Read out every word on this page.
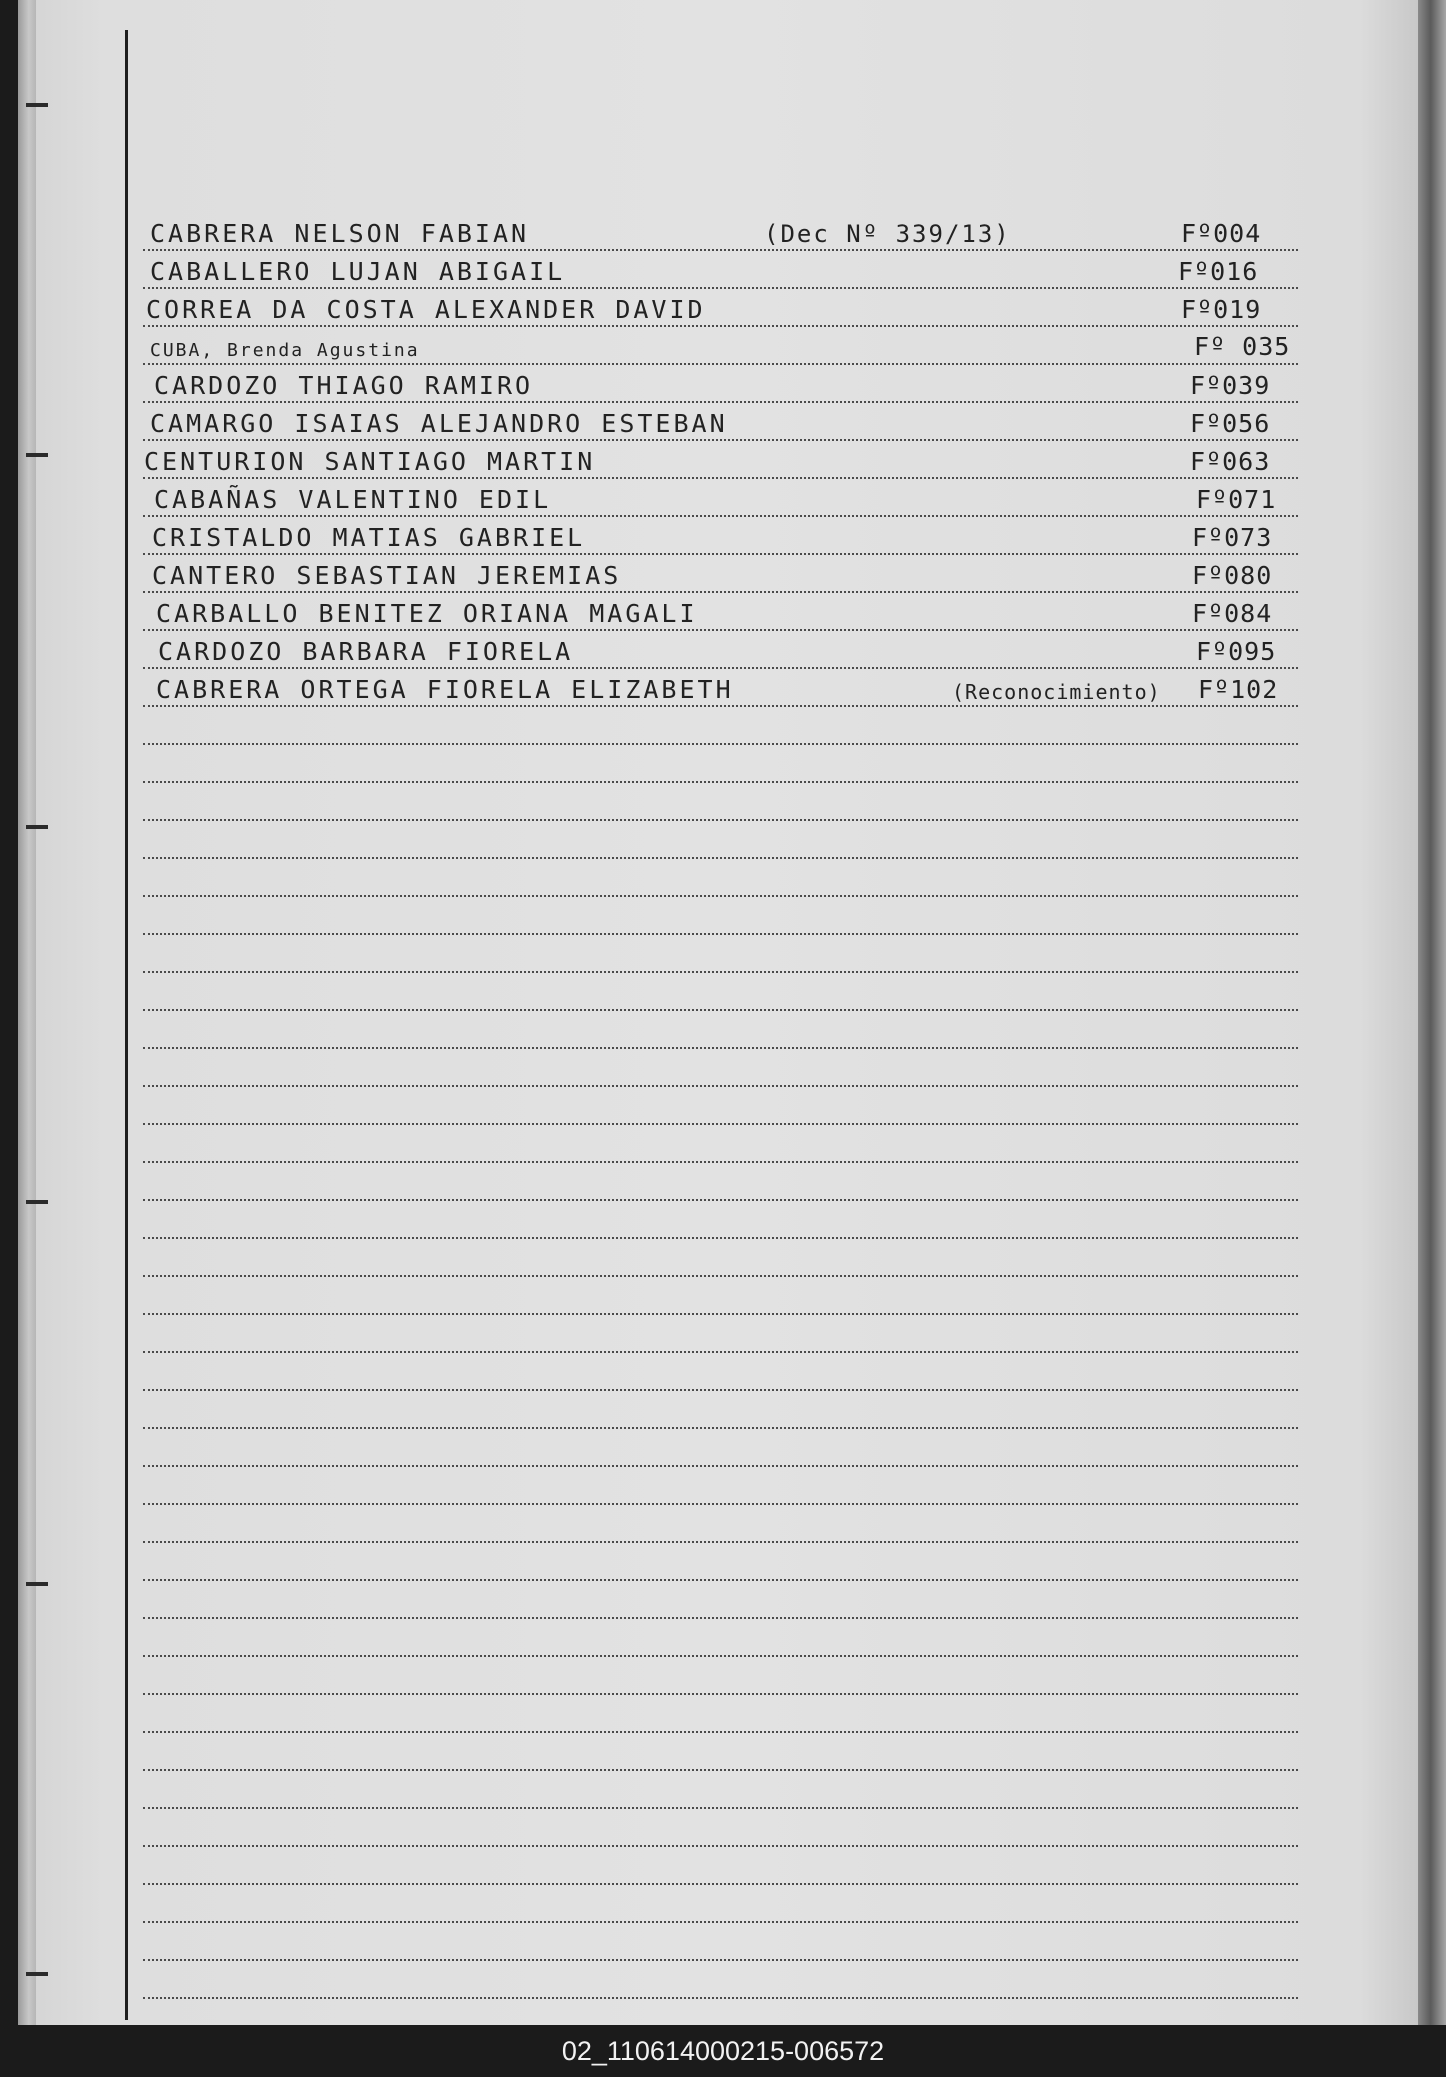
CABRERA NELSON FABIAN	(Dec Nº 339/13)	Fº004
CABALLERO LUJAN ABIGAIL	Fº016
CORREA DA COSTA ALEXANDER DAVID	Fº019
CUBA, Brenda Agustina	Fº 035
CARDOZO THIAGO RAMIRO	Fº039
CAMARGO ISAIAS ALEJANDRO ESTEBAN	Fº056
CENTURION SANTIAGO MARTIN	Fº063
CABAÑAS VALENTINO EDIL	Fº071
CRISTALDO MATIAS GABRIEL	Fº073
CANTERO SEBASTIAN JEREMIAS	Fº080
CARBALLO BENITEZ ORIANA MAGALI	Fº084
CARDOZO BARBARA FIORELA	Fº095
CABRERA ORTEGA FIORELA ELIZABETH	(Reconocimiento) Fº102
02_110614000215-006572
